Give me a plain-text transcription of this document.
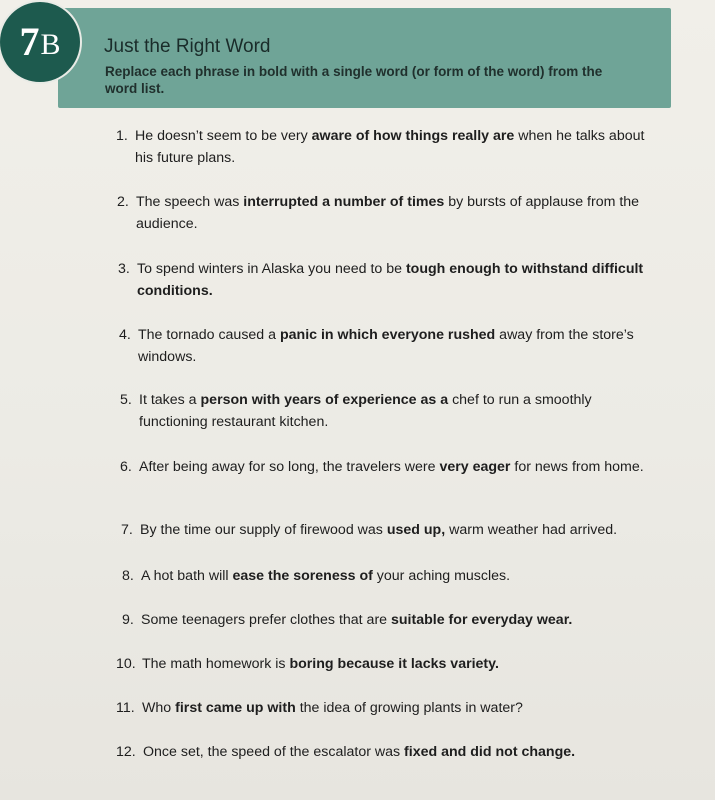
7 B Just the Right Word
Replace each phrase in bold with a single word (or form of the word) from the word list.
1. He doesn’t seem to be very aware of how things really are when he talks about his future plans.
2. The speech was interrupted a number of times by bursts of applause from the audience.
3. To spend winters in Alaska you need to be tough enough to withstand difficult conditions.
4. The tornado caused a panic in which everyone rushed away from the store’s windows.
5. It takes a person with years of experience as a chef to run a smoothly functioning restaurant kitchen.
6. After being away for so long, the travelers were very eager for news from home.
7. By the time our supply of firewood was used up, warm weather had arrived.
8. A hot bath will ease the soreness of your aching muscles.
9. Some teenagers prefer clothes that are suitable for everyday wear.
10. The math homework is boring because it lacks variety.
11. Who first came up with the idea of growing plants in water?
12. Once set, the speed of the escalator was fixed and did not change.
